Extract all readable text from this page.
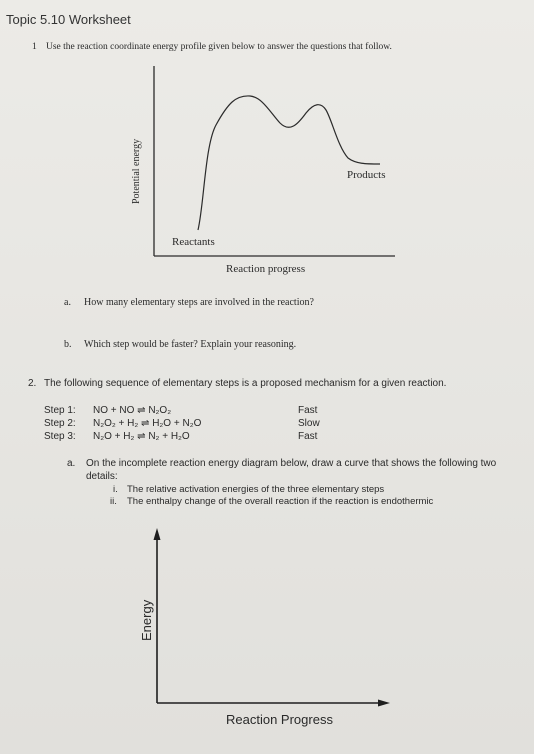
Topic 5.10 Worksheet
1 Use the reaction coordinate energy profile given below to answer the questions that follow.
Potential energy
Reactants
Products
Reaction progress
a. How many elementary steps are involved in the reaction?
b. Which step would be faster? Explain your reasoning.
2. The following sequence of elementary steps is a proposed mechanism for a given reaction.
Step 1: NO + NO ⇌ N₂O₂	Fast
Step 2: N₂O₂ + H₂ ⇌ H₂O + N₂O	Slow
Step 3: N₂O + H₂ ⇌ N₂ + H₂O	Fast
a. On the incomplete reaction energy diagram below, draw a curve that shows the following two
details:
i. The relative activation energies of the three elementary steps
ii. The enthalpy change of the overall reaction if the reaction is endothermic
Energy
Reaction Progress
